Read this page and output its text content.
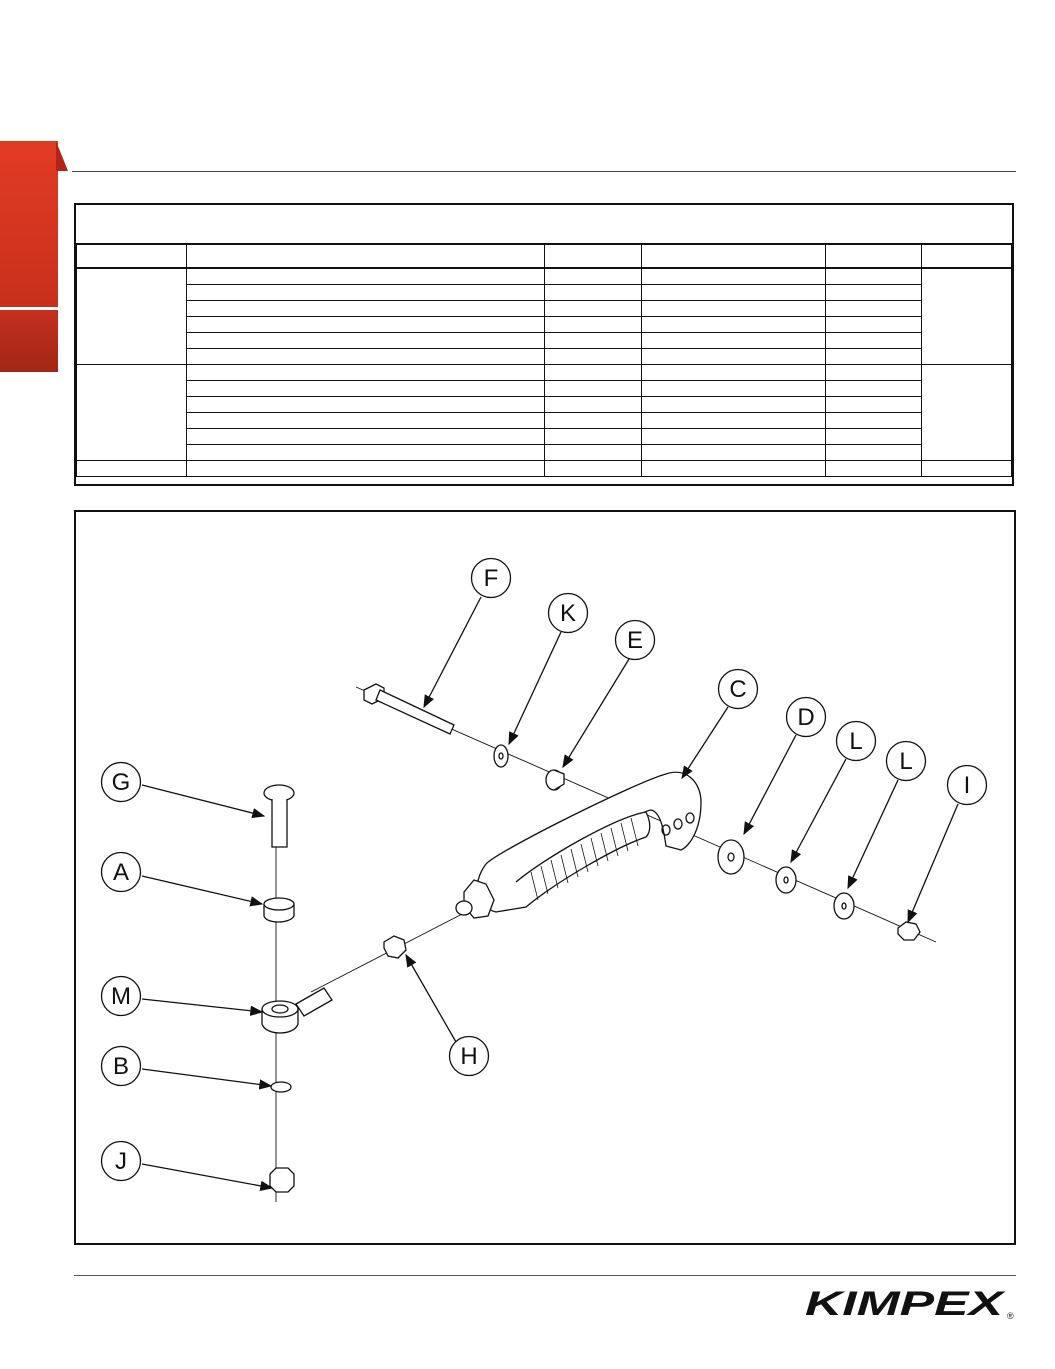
F
K
E
C
D
L
L
I
G
A
M
B
J
H
KIMPEX ®
